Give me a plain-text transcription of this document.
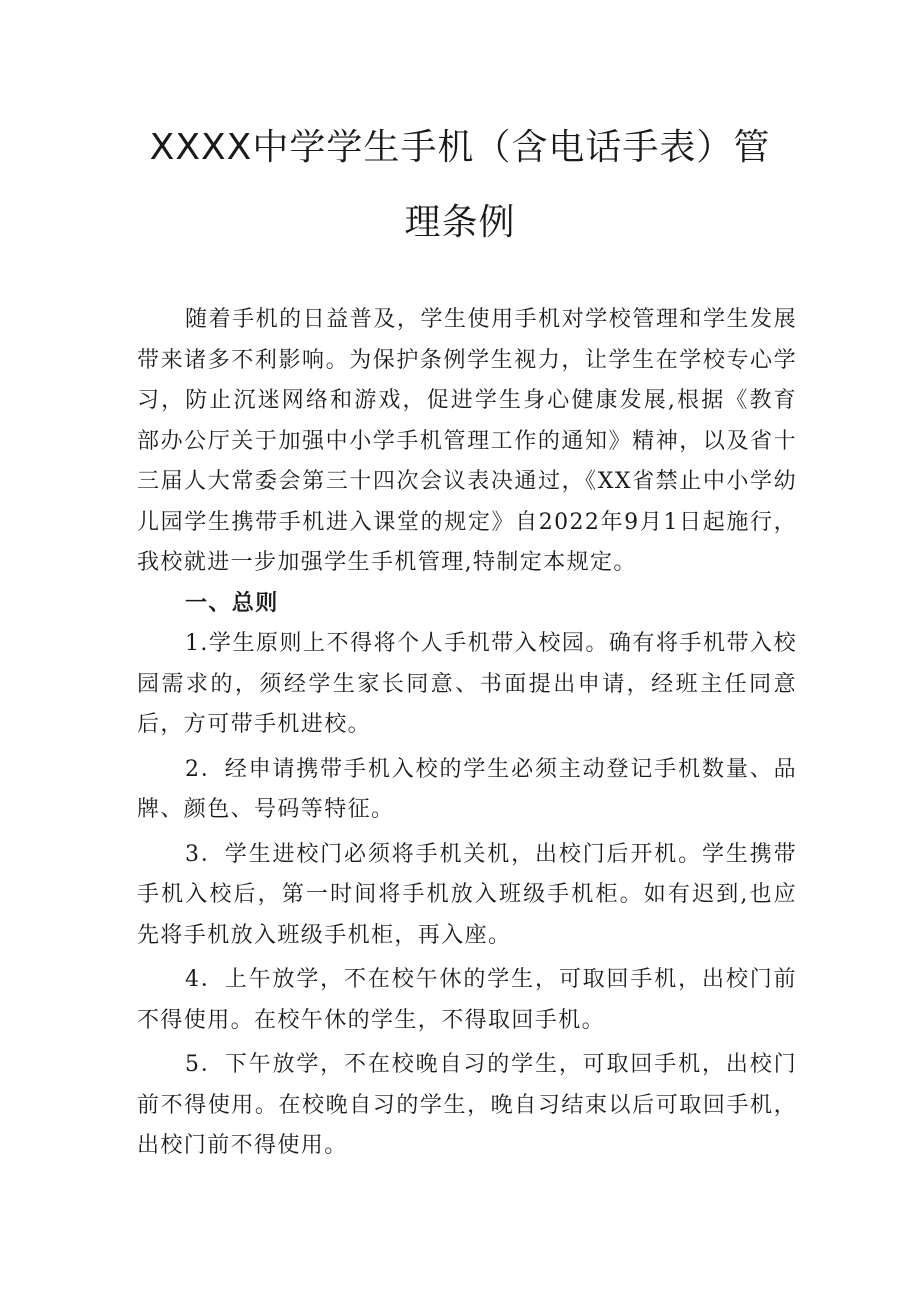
XXXX中学学生手机（含电话手表）管
理条例

随着手机的日益普及，学生使用手机对学校管理和学生发展带来诸多不利影响。为保护条例学生视力，让学生在学校专心学习，防止沉迷网络和游戏，促进学生身心健康发展,根据《教育部办公厅关于加强中小学手机管理工作的通知》精神，以及省十三届人大常委会第三十四次会议表决通过，《XX省禁止中小学幼儿园学生携带手机进入课堂的规定》自2022年9月1日起施行，我校就进一步加强学生手机管理,特制定本规定。

一、总则

1.学生原则上不得将个人手机带入校园。确有将手机带入校园需求的，须经学生家长同意、书面提出申请，经班主任同意后，方可带手机进校。

2．经申请携带手机入校的学生必须主动登记手机数量、品牌、颜色、号码等特征。

3．学生进校门必须将手机关机，出校门后开机。学生携带手机入校后，第一时间将手机放入班级手机柜。如有迟到,也应先将手机放入班级手机柜，再入座。

4．上午放学，不在校午休的学生，可取回手机，出校门前不得使用。在校午休的学生，不得取回手机。

5．下午放学，不在校晚自习的学生，可取回手机，出校门前不得使用。在校晚自习的学生，晚自习结束以后可取回手机，出校门前不得使用。
